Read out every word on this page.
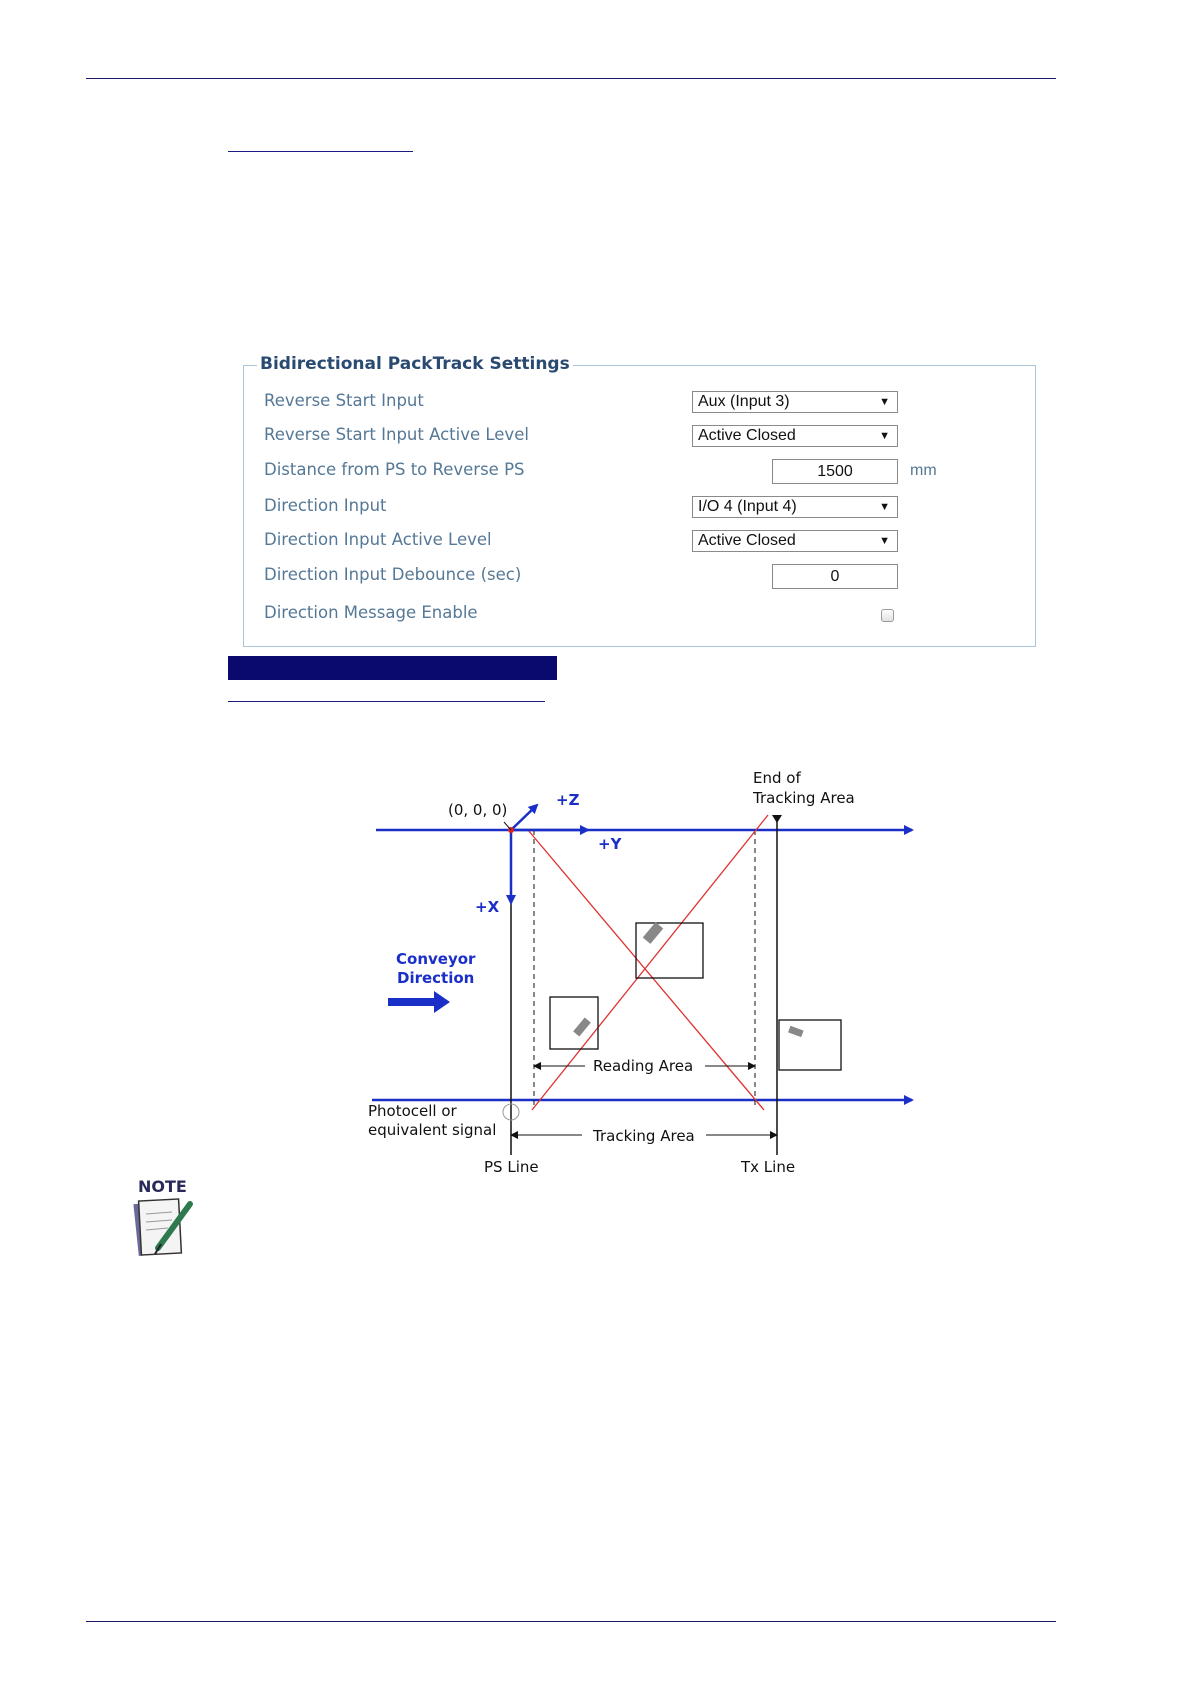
Bidirectional PackTrack Settings
Reverse Start Input	Aux (Input 3)	▼
Reverse Start Input Active Level	Active Closed	▼
Distance from PS to Reverse PS	1500	mm
Direction Input	I/O 4 (Input 4)	▼
Direction Input Active Level	Active Closed	▼
Direction Input Debounce (sec)	0
Direction Message Enable
(0, 0, 0)
+Z
+Y
+X
End of
Tracking Area
Conveyor
Direction
Reading Area
Tracking Area
Photocell or
equivalent signal
PS Line	Tx Line
NOTE
